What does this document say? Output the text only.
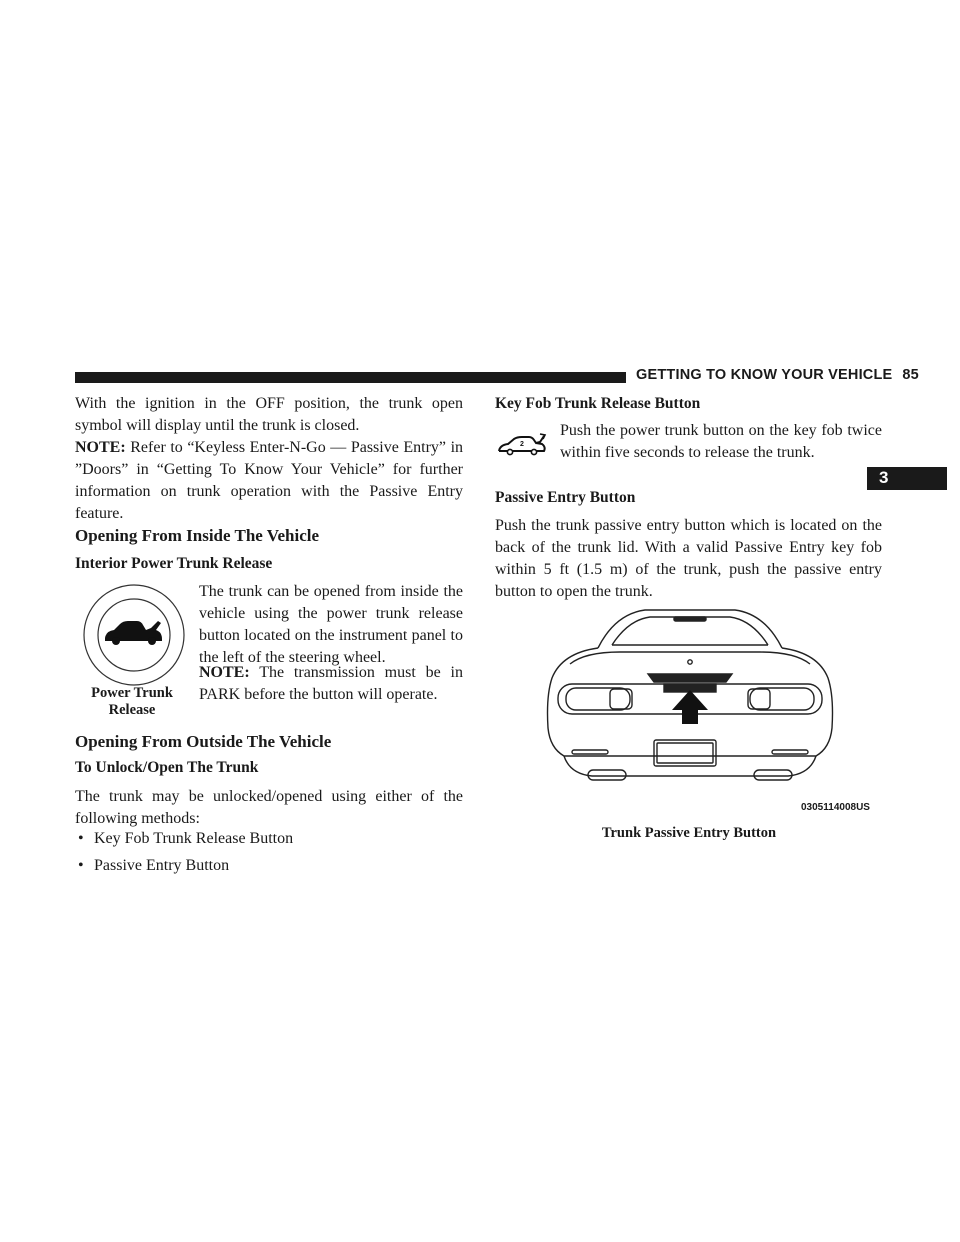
GETTING TO KNOW YOUR VEHICLE 85
3
With the ignition in the OFF position, the trunk open symbol will display until the trunk is closed.
NOTE: Refer to “Keyless Enter-N-Go — Passive Entry” in ”Doors” in “Getting To Know Your Vehicle” for further information on trunk operation with the Passive Entry feature.
Opening From Inside The Vehicle
Interior Power Trunk Release
Power Trunk
Release
The trunk can be opened from inside the vehicle using the power trunk release button located on the instrument panel to the left of the steering wheel.
NOTE: The transmission must be in PARK before the button will operate.
Opening From Outside The Vehicle
To Unlock/Open The Trunk
The trunk may be unlocked/opened using either of the following methods:
• Key Fob Trunk Release Button
• Passive Entry Button
Key Fob Trunk Release Button
2
Push the power trunk button on the key fob twice within five seconds to release the trunk.
Passive Entry Button
Push the trunk passive entry button which is located on the back of the trunk lid. With a valid Passive Entry key fob within 5 ft (1.5 m) of the trunk, push the passive entry button to open the trunk.
0305114008US
Trunk Passive Entry Button
